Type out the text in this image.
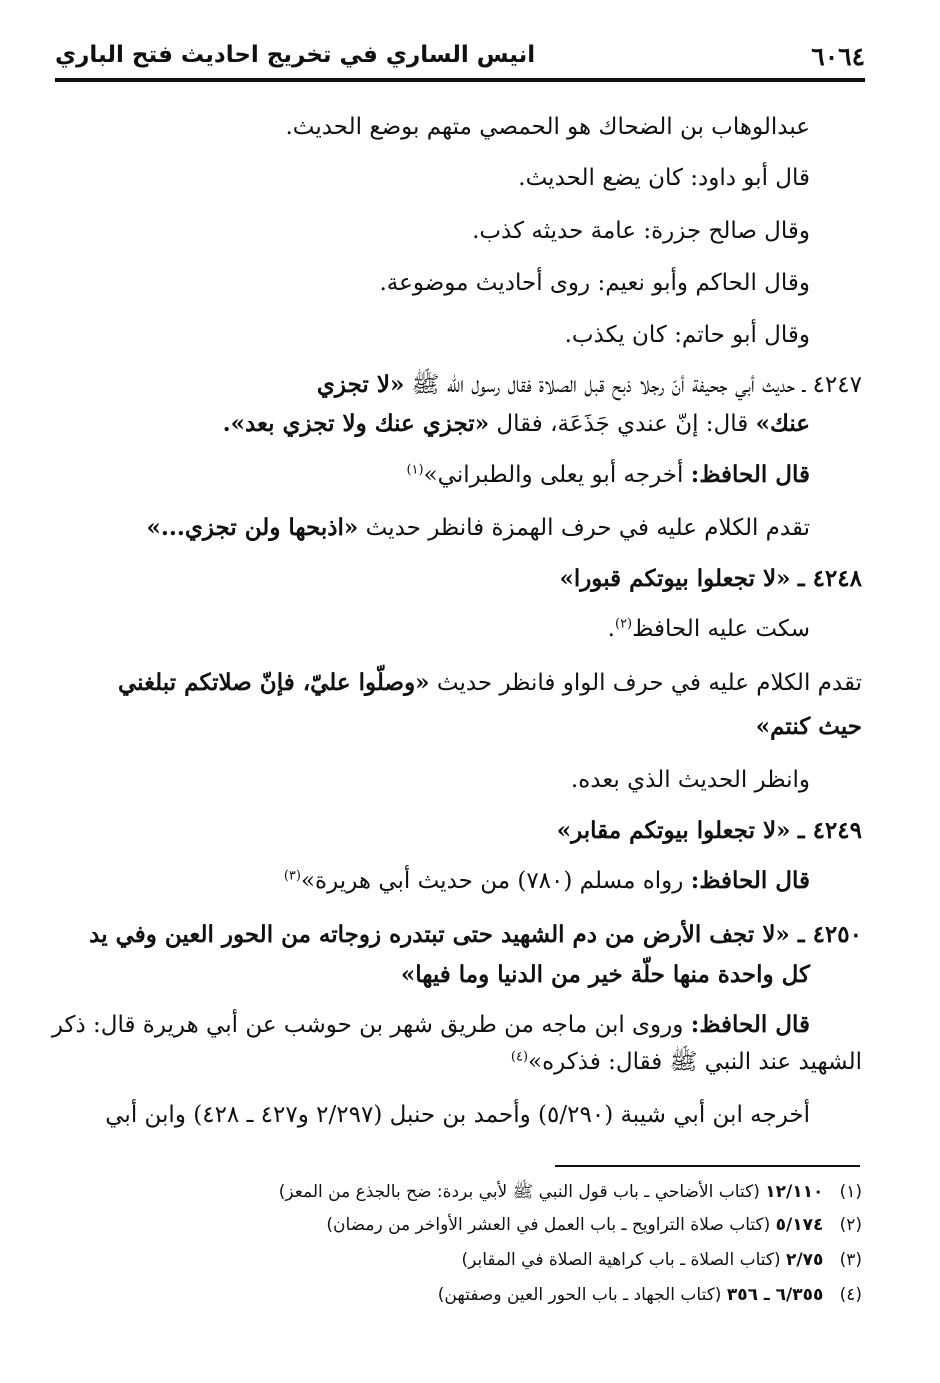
٦٠٦٤
انيس الساري في تخريج احاديث فتح الباري
عبدالوهاب بن الضحاك هو الحمصي متهم بوضع الحديث.
قال أبو داود: كان يضع الحديث.
وقال صالح جزرة: عامة حديثه كذب.
وقال الحاكم وأبو نعيم: روى أحاديث موضوعة.
وقال أبو حاتم: كان يكذب.
٤٢٤٧ ـ حديث أبي جحيفة أنّ رجلا ذبح قبل الصلاة فقال رسول الله ﷺ «لا تجزي
عنك» قال: إنّ عندي جَذَعَة، فقال «تجزي عنك ولا تجزي بعد».
قال الحافظ: أخرجه أبو يعلى والطبراني»$^{(١)}$
تقدم الكلام عليه في حرف الهمزة فانظر حديث «اذبحها ولن تجزي...»
٤٢٤٨ ـ «لا تجعلوا بيوتكم قبورا»
سكت عليه الحافظ$^{(٢)}$.
تقدم الكلام عليه في حرف الواو فانظر حديث «وصلّوا عليّ، فإنّ صلاتكم تبلغني
حيث كنتم»
وانظر الحديث الذي بعده.
٤٢٤٩ ـ «لا تجعلوا بيوتكم مقابر»
قال الحافظ: رواه مسلم (٧٨٠) من حديث أبي هريرة»$^{(٣)}$
٤٢٥٠ ـ «لا تجف الأرض من دم الشهيد حتى تبتدره زوجاته من الحور العين وفي يد
كل واحدة منها حلّة خير من الدنيا وما فيها»
قال الحافظ: وروى ابن ماجه من طريق شهر بن حوشب عن أبي هريرة قال: ذكر
الشهيد عند النبي ﷺ فقال: فذكره»$^{(٤)}$
أخرجه ابن أبي شيبة (٥/٢٩٠) وأحمد بن حنبل (٢/٢٩٧ و٤٢٧ ـ ٤٢٨) وابن أبي
(١)   ١٢/١١٠ (كتاب الأضاحي ـ باب قول النبي ﷺ لأبي بردة: ضح بالجذع من المعز)
(٢)   ٥/١٧٤ (كتاب صلاة التراويح ـ باب العمل في العشر الأواخر من رمضان)
(٣)   ٢/٧٥ (كتاب الصلاة ـ باب كراهية الصلاة في المقابر)
(٤)   ٦/٣٥٥ ـ ٣٥٦ (كتاب الجهاد ـ باب الحور العين وصفتهن)
